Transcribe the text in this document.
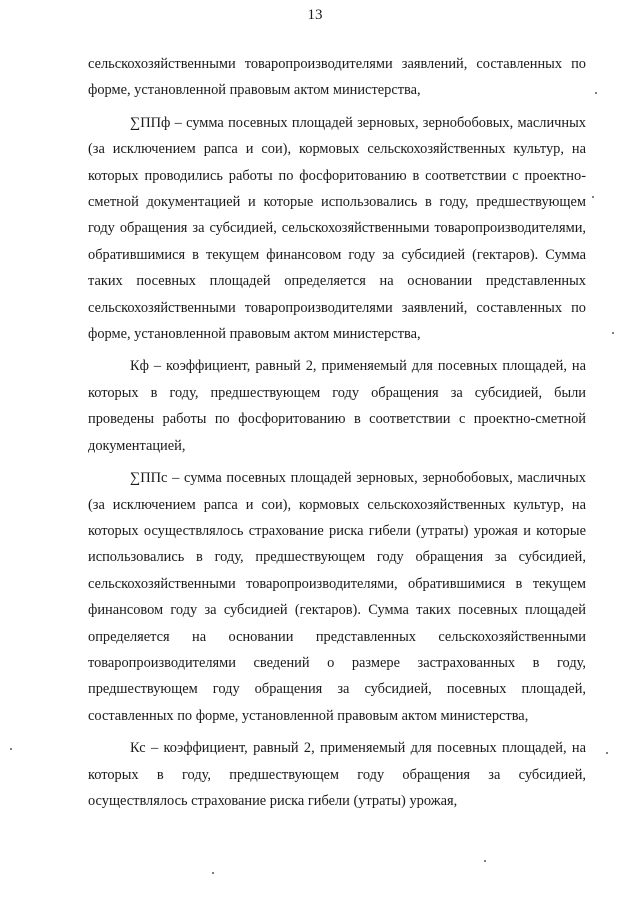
13

сельскохозяйственными товаропроизводителями заявлений, составленных по форме, установленной правовым актом министерства,

∑ППф – сумма посевных площадей зерновых, зернобобовых, масличных (за исключением рапса и сои), кормовых сельскохозяйственных культур, на которых проводились работы по фосфоритованию в соответствии с проектно-сметной документацией и которые использовались в году, предшествующем году обращения за субсидией, сельскохозяйственными товаропроизводителями, обратившимися в текущем финансовом году за субсидией (гектаров). Сумма таких посевных площадей определяется на основании представленных сельскохозяйственными товаропроизводителями заявлений, составленных по форме, установленной правовым актом министерства,

Кф – коэффициент, равный 2, применяемый для посевных площадей, на которых в году, предшествующем году обращения за субсидией, были проведены работы по фосфоритованию в соответствии с проектно-сметной документацией,

∑ППс – сумма посевных площадей зерновых, зернобобовых, масличных (за исключением рапса и сои), кормовых сельскохозяйственных культур, на которых осуществлялось страхование риска гибели (утраты) урожая и которые использовались в году, предшествующем году обращения за субсидией, сельскохозяйственными товаропроизводителями, обратившимися в текущем финансовом году за субсидией (гектаров). Сумма таких посевных площадей определяется на основании представленных сельскохозяйственными товаропроизводителями сведений о размере застрахованных в году, предшествующем году обращения за субсидией, посевных площадей, составленных по форме, установленной правовым актом министерства,

Кс – коэффициент, равный 2, применяемый для посевных площадей, на которых в году, предшествующем году обращения за субсидией, осуществлялось страхование риска гибели (утраты) урожая,
